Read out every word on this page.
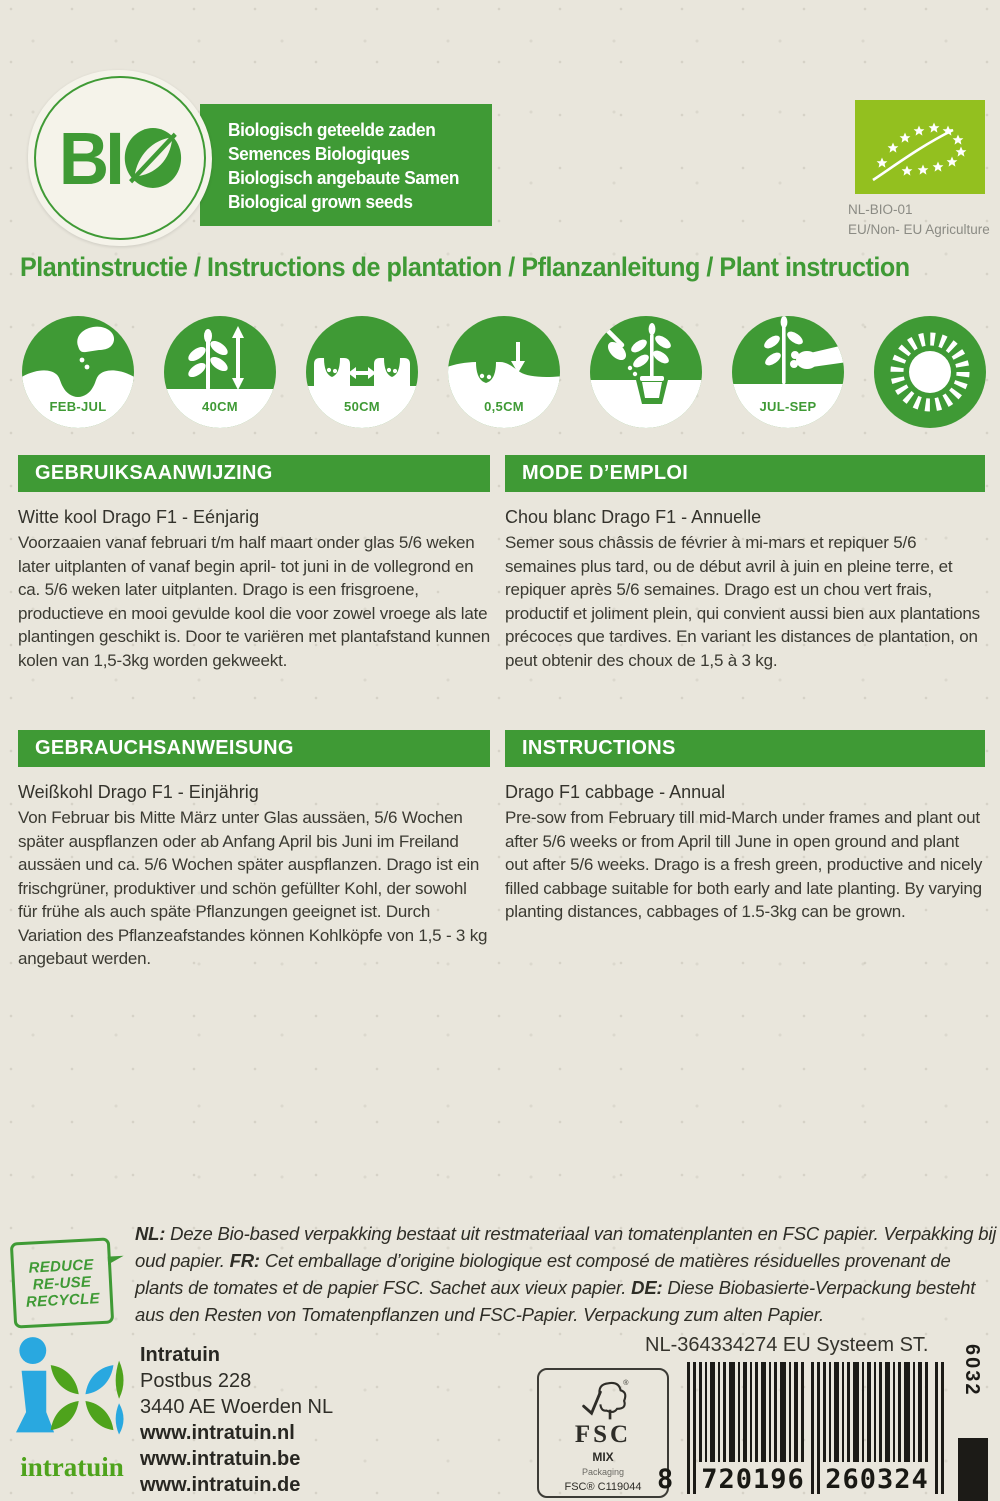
BI	Biologisch geteelde zaden
Semences Biologiques
Biologisch angebaute Samen
Biological grown seeds	NL-BIO-01
EU/Non- EU Agriculture
Plantinstructie / Instructions de plantation / Pflanzanleitung / Plant instruction
FEB-JUL	40CM	50CM	0,5CM	JUL-SEP
GEBRUIKSAANWIJZING

Witte kool Drago F1 - Eénjarig

Voorzaaien vanaf februari t/m half maart onder glas 5/6 weken later uitplanten of vanaf begin april- tot juni in de vollegrond en ca. 5/6 weken later uitplanten. Drago is een frisgroene, productieve en mooi gevulde kool die voor zowel vroege als late plantingen geschikt is. Door te variëren met plantafstand kunnen kolen van 1,5-3kg worden gekweekt.

MODE D’EMPLOI

Chou blanc Drago F1 - Annuelle

Semer sous châssis de février à mi-mars et repiquer 5/6 semaines plus tard, ou de début avril à juin en pleine terre, et repiquer après 5/6 semaines. Drago est un chou vert frais, productif et joliment plein, qui convient aussi bien aux plantations précoces que tardives. En variant les distances de plantation, on peut obtenir des choux de 1,5 à 3 kg.

GEBRAUCHSANWEISUNG

Weißkohl Drago F1 - Einjährig

Von Februar bis Mitte März unter Glas aussäen, 5/6 Wochen später auspflanzen oder ab Anfang April bis Juni im Freiland aussäen und ca. 5/6 Wochen später auspflanzen. Drago ist ein frischgrüner, produktiver und schön gefüllter Kohl, der sowohl für frühe als auch späte Pflanzungen geeignet ist. Durch Variation des Pflanzeafstandes können Kohlköpfe von 1,5 - 3 kg angebaut werden.

INSTRUCTIONS

Drago F1 cabbage - Annual

Pre-sow from February till mid-March under frames and plant out after 5/6 weeks or from April till June in open ground and plant out after 5/6 weeks. Drago is a fresh green, productive and nicely filled cabbage suitable for both early and late planting. By varying planting distances, cabbages of 1.5-3kg can be grown.

REDUCE
RE-USE
RECYCLE
NL: Deze Bio-based verpakking bestaat uit restmateriaal van tomatenplanten en FSC papier. Verpakking bij oud papier. FR: Cet emballage d’origine biologique est composé de matières résiduelles provenant de plants de tomates et de papier FSC. Sachet aux vieux papier. DE: Diese Biobasierte-Verpackung besteht aus den Resten von Tomatenpflanzen und FSC-Papier. Verpackung zum alten Papier.
intratuin
Intratuin
Postbus 228
3440 AE Woerden NL
www.intratuin.nl
www.intratuin.be
www.intratuin.de
®
FSC
MIX
Packaging
FSC® C119044
NL-364334274 EU Systeem ST.
8 720196 260324
6032
